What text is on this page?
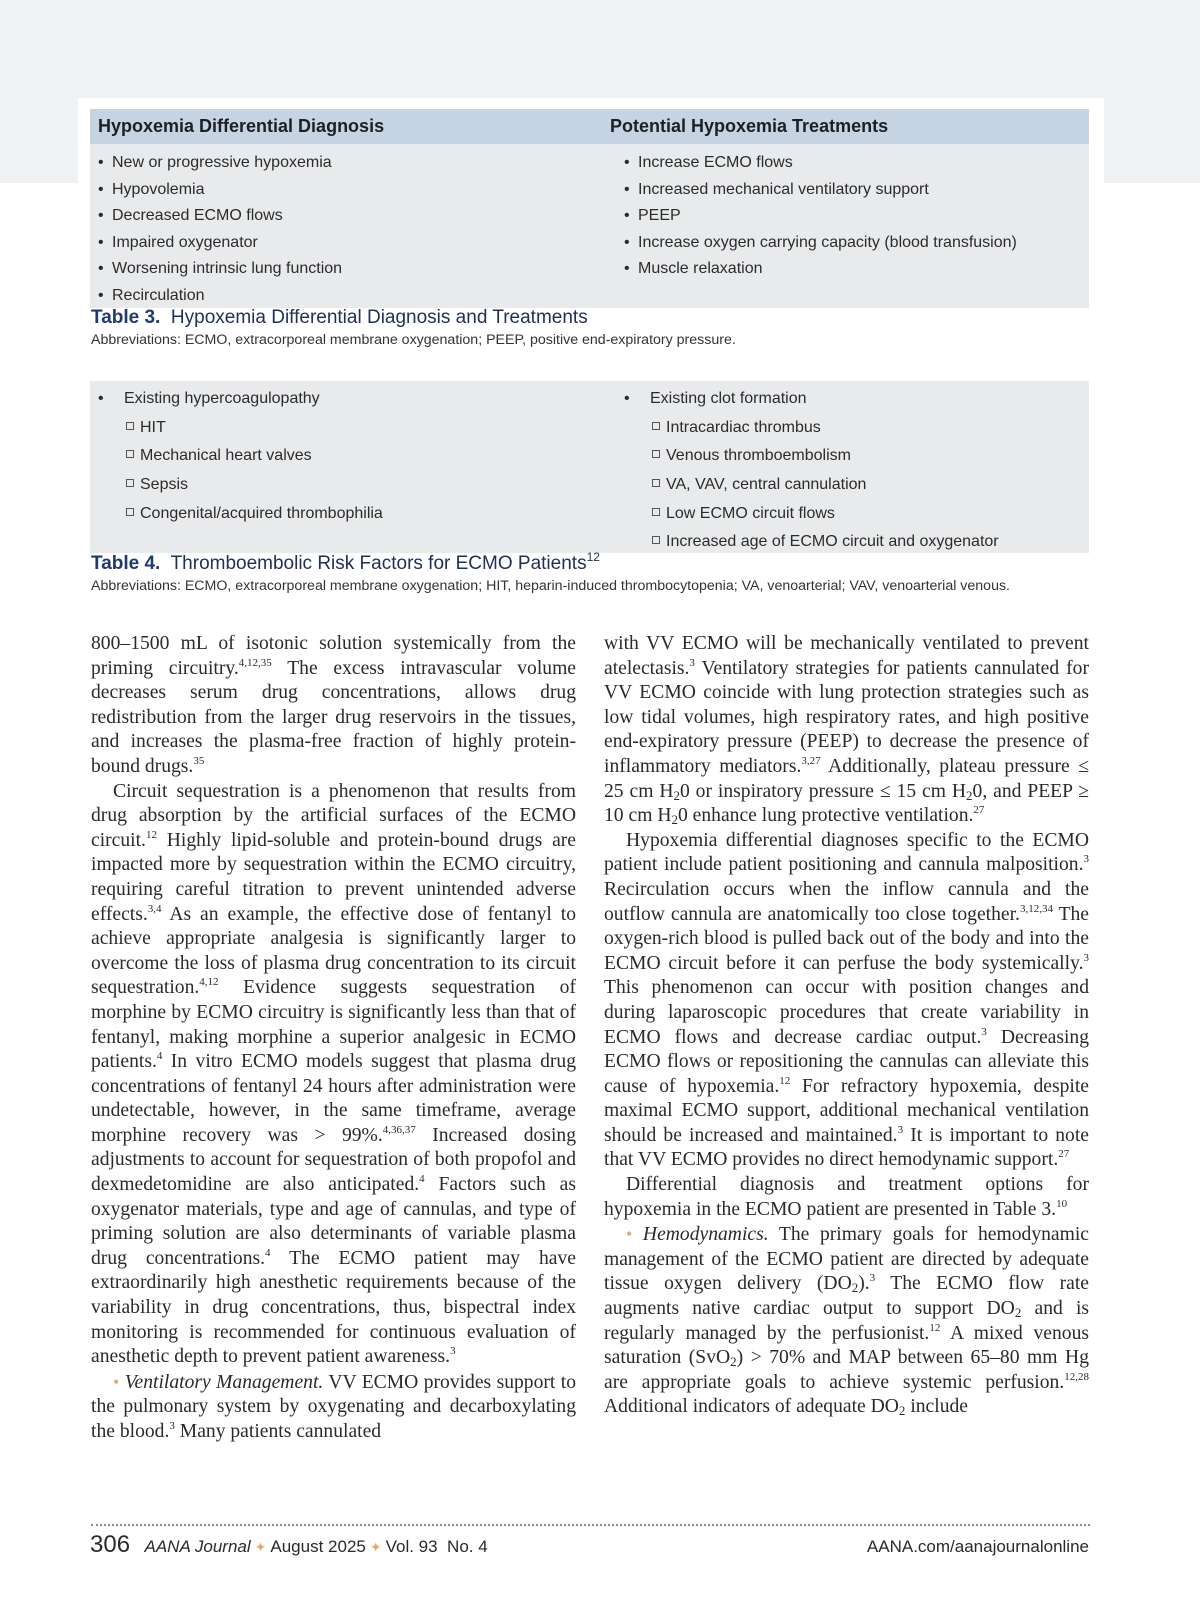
Hypoxemia Differential Diagnosis	Potential Hypoxemia Treatments
• New or progressive hypoxemia
• Hypovolemia
• Decreased ECMO flows
• Impaired oxygenator
• Worsening intrinsic lung function
• Recirculation
• Increase ECMO flows
• Increased mechanical ventilatory support
• PEEP
• Increase oxygen carrying capacity (blood transfusion)
• Muscle relaxation
Table 3. Hypoxemia Differential Diagnosis and Treatments
Abbreviations: ECMO, extracorporeal membrane oxygenation; PEEP, positive end-expiratory pressure.
• Existing hypercoagulopathy
HIT
Mechanical heart valves
Sepsis
Congenital/acquired thrombophilia
• Existing clot formation
Intracardiac thrombus
Venous thromboembolism
VA, VAV, central cannulation
Low ECMO circuit flows
Increased age of ECMO circuit and oxygenator
Table 4. Thromboembolic Risk Factors for ECMO Patients$^{12}$
Abbreviations: ECMO, extracorporeal membrane oxygenation; HIT, heparin-induced thrombocytopenia; VA, venoarterial; VAV, venoarterial venous.

800–1500 mL of isotonic solution systemically from the priming circuitry.$^{4,12,35}$ The excess intravascular volume decreases serum drug concentrations, allows drug redistribution from the larger drug reservoirs in the tissues, and increases the plasma-free fraction of highly protein-bound drugs.$^{35}$

Circuit sequestration is a phenomenon that results from drug absorption by the artificial surfaces of the ECMO circuit.$^{12}$ Highly lipid-soluble and protein-bound drugs are impacted more by sequestration within the ECMO circuitry, requiring careful titration to prevent unintended adverse effects.$^{3,4}$ As an example, the effective dose of fentanyl to achieve appropriate analgesia is significantly larger to overcome the loss of plasma drug concentration to its circuit sequestration.$^{4,12}$ Evidence suggests sequestration of morphine by ECMO circuitry is significantly less than that of fentanyl, making morphine a superior analgesic in ECMO patients.$^4$ In vitro ECMO models suggest that plasma drug concentrations of fentanyl 24 hours after administration were undetectable, however, in the same timeframe, average morphine recovery was > 99%.$^{4,36,37}$ Increased dosing adjustments to account for sequestration of both propofol and dexmedetomidine are also anticipated.$^4$ Factors such as oxygenator materials, type and age of cannulas, and type of priming solution are also determinants of variable plasma drug concentrations.$^4$ The ECMO patient may have extraordinarily high anesthetic requirements because of the variability in drug concentrations, thus, bispectral index monitoring is recommended for continuous evaluation of anesthetic depth to prevent patient awareness.$^3$

• Ventilatory Management. VV ECMO provides support to the pulmonary system by oxygenating and decarboxylating the blood.$^3$ Many patients cannulated

with VV ECMO will be mechanically ventilated to prevent atelectasis.$^3$ Ventilatory strategies for patients cannulated for VV ECMO coincide with lung protection strategies such as low tidal volumes, high respiratory rates, and high positive end-expiratory pressure (PEEP) to decrease the presence of inflammatory mediators.$^{3,27}$ Additionally, plateau pressure ≤ 25 cm $H_20$ or inspiratory pressure ≤ 15 cm $H_20$, and PEEP ≥ 10 cm $H_20$ enhance lung protective ventilation.$^{27}$

Hypoxemia differential diagnoses specific to the ECMO patient include patient positioning and cannula malposition.$^3$ Recirculation occurs when the inflow cannula and the outflow cannula are anatomically too close together.$^{3,12,34}$ The oxygen-rich blood is pulled back out of the body and into the ECMO circuit before it can perfuse the body systemically.$^3$ This phenomenon can occur with position changes and during laparoscopic procedures that create variability in ECMO flows and decrease cardiac output.$^3$ Decreasing ECMO flows or repositioning the cannulas can alleviate this cause of hypoxemia.$^{12}$ For refractory hypoxemia, despite maximal ECMO support, additional mechanical ventilation should be increased and maintained.$^3$ It is important to note that VV ECMO provides no direct hemodynamic support.$^{27}$

Differential diagnosis and treatment options for hypoxemia in the ECMO patient are presented in Table 3.10

• Hemodynamics. The primary goals for hemodynamic management of the ECMO patient are directed by adequate tissue oxygen delivery $(DO_2).^3$ The ECMO flow rate augments native cardiac output to support $DO_2$ and is regularly managed by the perfusionist.$^{12}$ A mixed venous saturation (SvO$_2$) > 70% and MAP between 65–80 mm Hg are appropriate goals to achieve systemic perfusion.$^{12,28}$ Additional indicators of adequate $DO_2$ include

306 AANA Journal ✦ August 2025 ✦ Vol. 93 No. 4	AANA.com/aanajournalonline
